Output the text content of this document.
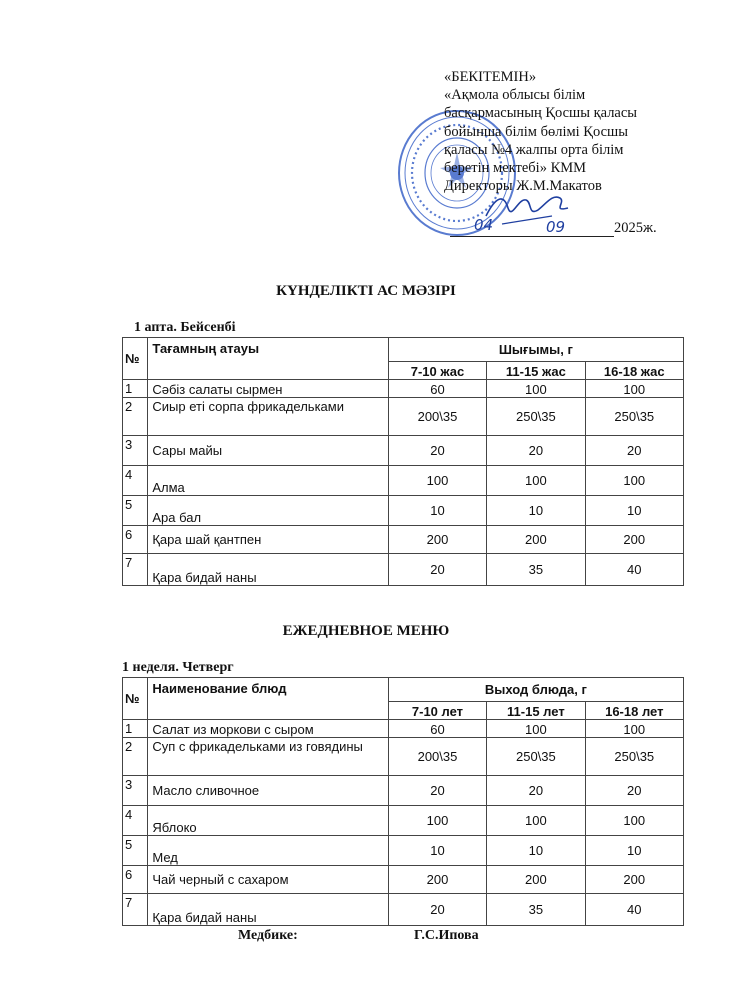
«БЕКІТЕМІН»
«Ақмола облысы білім
басқармасының Қосшы қаласы
бойынша білім бөлімі Қосшы
қаласы №4 жалпы орта білім
беретін мектебі» КММ
Директоры Ж.М.Макатов
04	09	2025ж.
КҮНДЕЛІКТІ АС МӘЗІРІ
1 апта. Бейсенбі
№	Тағамның атауы	Шығымы, г		
		7-10 жас	11-15 жас	16-18 жас
1	Сәбіз салаты сырмен	60	100	100
2	Сиыр еті сорпа фрикадельками	200\35	250\35	250\35
3	Сары майы	20	20	20
4	Алма	100	100	100
5	Ара бал	10	10	10
6	Қара шай қантпен	200	200	200
7	Қара бидай наны	20	35	40
ЕЖЕДНЕВНОЕ МЕНЮ
1 неделя. Четверг
№	Наименование блюд	Выход блюда, г		
		7-10 лет	11-15 лет	16-18 лет
1	Салат из моркови с сыром	60	100	100
2	Суп с фрикадельками из говядины	200\35	250\35	250\35
3	Масло сливочное	20	20	20
4	Яблоко	100	100	100
5	Мед	10	10	10
6	Чай черный с сахаром	200	200	200
7	Қара бидай наны	20	35	40
Медбике:	Г.С.Ипова
